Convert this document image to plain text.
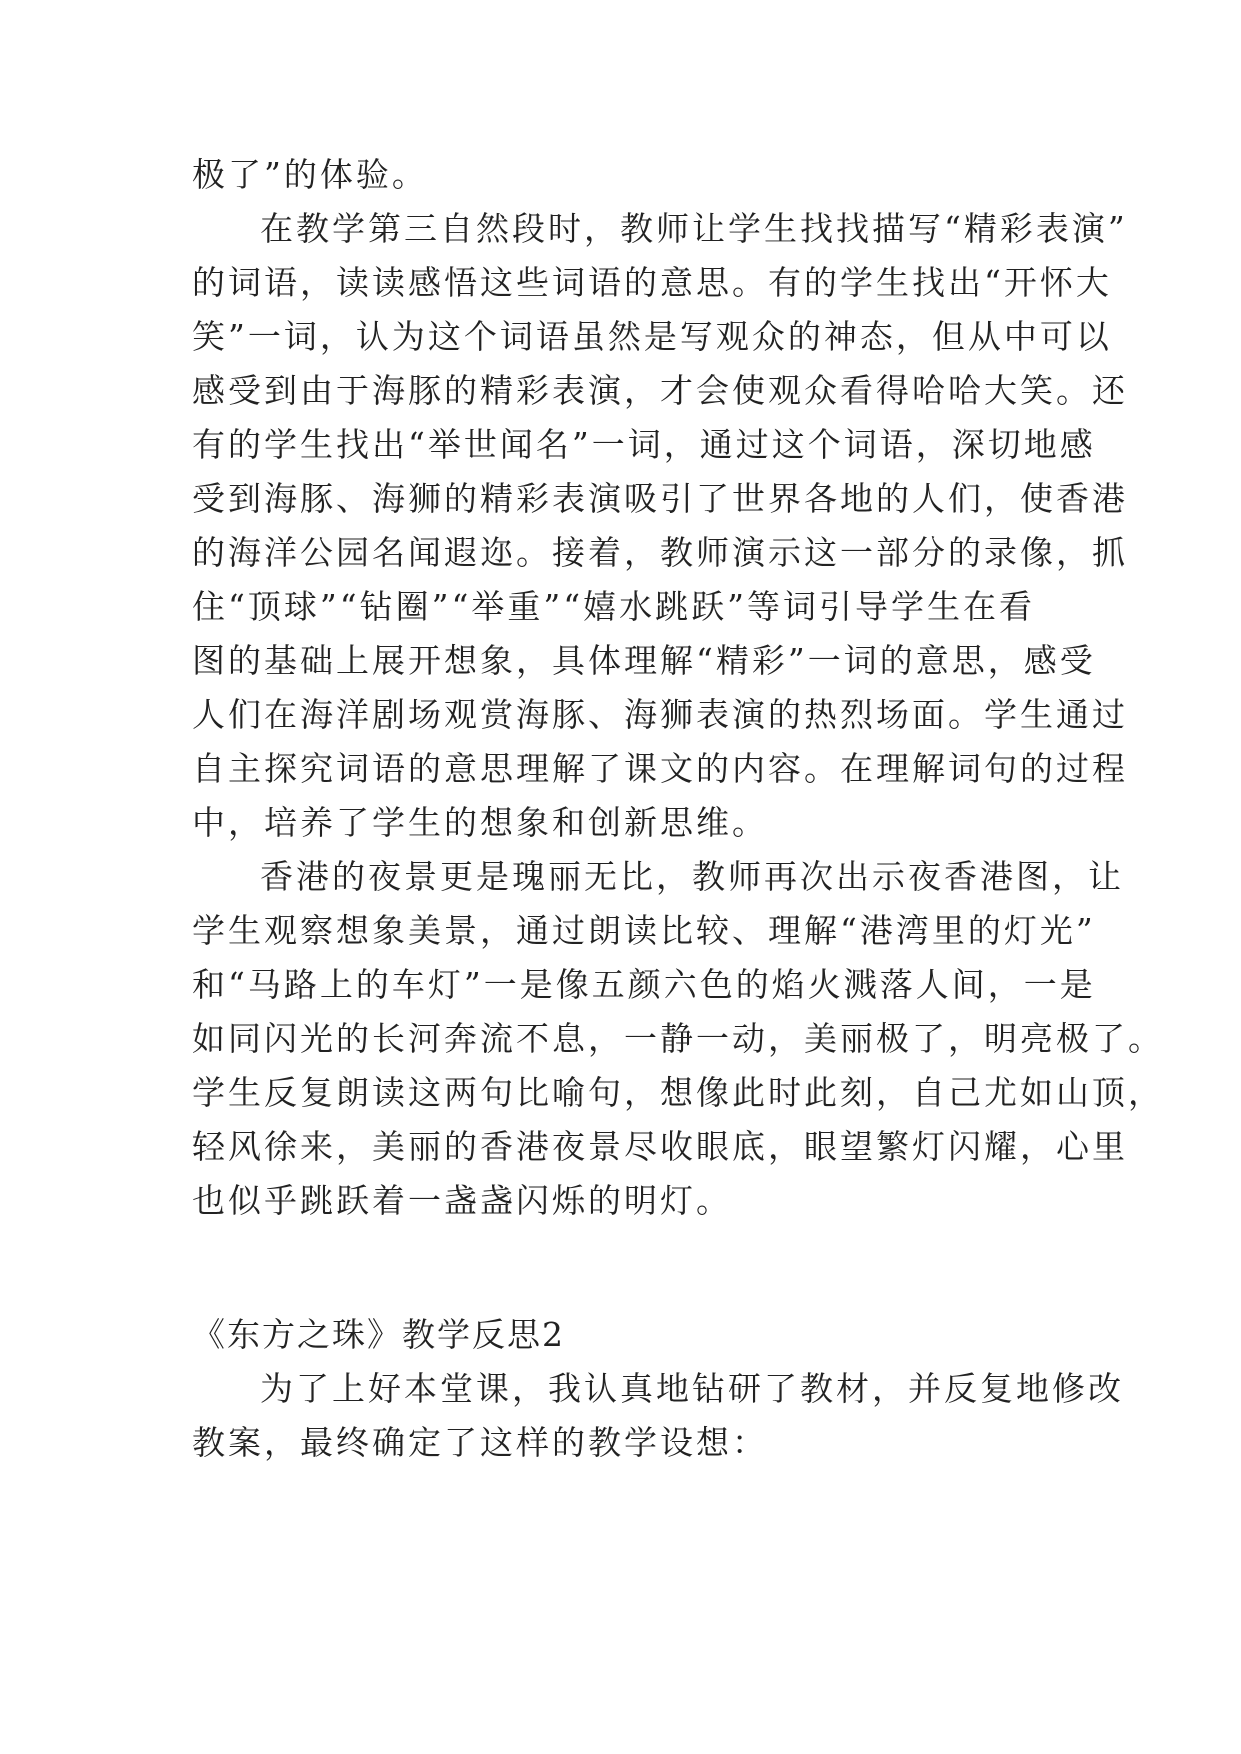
极了”的体验。
在教学第三自然段时，教师让学生找找描写“精彩表演”
的词语，读读感悟这些词语的意思。有的学生找出“开怀大
笑”一词，认为这个词语虽然是写观众的神态，但从中可以
感受到由于海豚的精彩表演，才会使观众看得哈哈大笑。还
有的学生找出“举世闻名”一词，通过这个词语，深切地感
受到海豚、海狮的精彩表演吸引了世界各地的人们，使香港
的海洋公园名闻遐迩。接着，教师演示这一部分的录像，抓
住“顶球”“钻圈”“举重”“嬉水跳跃”等词引导学生在看
图的基础上展开想象，具体理解“精彩”一词的意思，感受
人们在海洋剧场观赏海豚、海狮表演的热烈场面。学生通过
自主探究词语的意思理解了课文的内容。在理解词句的过程
中，培养了学生的想象和创新思维。
香港的夜景更是瑰丽无比，教师再次出示夜香港图，让
学生观察想象美景，通过朗读比较、理解“港湾里的灯光”
和“马路上的车灯”一是像五颜六色的焰火溅落人间，一是
如同闪光的长河奔流不息，一静一动，美丽极了，明亮极了。
学生反复朗读这两句比喻句，想像此时此刻，自己尤如山顶，
轻风徐来，美丽的香港夜景尽收眼底，眼望繁灯闪耀，心里
也似乎跳跃着一盏盏闪烁的明灯。
《东方之珠》教学反思2
为了上好本堂课，我认真地钻研了教材，并反复地修改
教案，最终确定了这样的教学设想：
